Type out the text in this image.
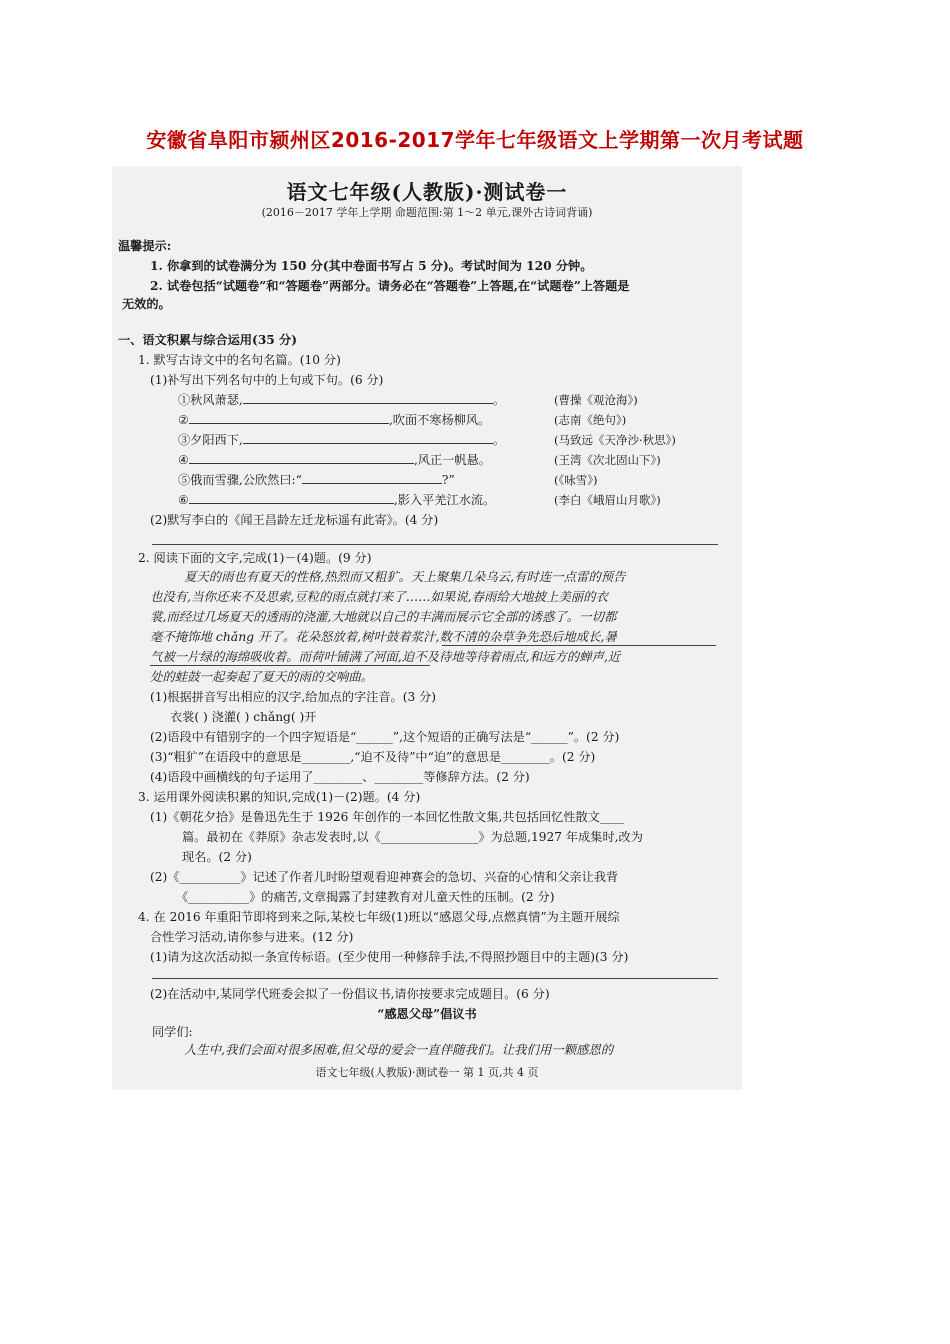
安徽省阜阳市颍州区2016-2017学年七年级语文上学期第一次月考试题
语文七年级(人教版)·测试卷一
(2016－2017 学年上学期 命题范围:第 1～2 单元,课外古诗词背诵)
温馨提示:
1. 你拿到的试卷满分为 150 分(其中卷面书写占 5 分)。考试时间为 120 分钟。
2. 试卷包括“试题卷”和“答题卷”两部分。请务必在“答题卷”上答题,在“试题卷”上答题是
无效的。
一、语文积累与综合运用(35 分)
1. 默写古诗文中的名句名篇。(10 分)
(1)补写出下列名句中的上句或下句。(6 分)
①秋风萧瑟,	。	(曹操《观沧海》)
②	,吹面不寒杨柳风。	(志南《绝句》)
③夕阳西下,	。	(马致远《天净沙·秋思》)
④	,风正一帆悬。	(王湾《次北固山下》)
⑤俄而雪骤,公欣然曰:“	?”	(《咏雪》)
⑥	,影入平羌江水流。	(李白《峨眉山月歌》)
(2)默写李白的《闻王昌龄左迁龙标遥有此寄》。(4 分)
2. 阅读下面的文字,完成(1)－(4)题。(9 分)
夏天的雨也有夏天的性格,热烈而又粗犷。天上聚集几朵乌云,有时连一点雷的预告
也没有,当你还来不及思索,豆粒的雨点就打来了……如果说,春雨给大地披上美丽的衣
裳,而经过几场夏天的透雨的浇灌,大地就以自己的丰满而展示它全部的诱惑了。一切都
毫不掩饰地 chǎng 开了。花朵怒放着,树叶鼓着浆汁,数不清的杂草争先恐后地成长,暑
气被一片绿的海绵吸收着。而荷叶铺满了河面,迫不及待地等待着雨点,和远方的蝉声,近
处的蛙鼓一起奏起了夏天的雨的交响曲。
(1)根据拼音写出相应的汉字,给加点的字注音。(3 分)
衣裳( ) 浇灌( ) chǎng( )开
(2)语段中有错别字的一个四字短语是“______”,这个短语的正确写法是“______”。(2 分)
(3)“粗犷”在语段中的意思是________,“迫不及待”中“迫”的意思是________。(2 分)
(4)语段中画横线的句子运用了________、________等修辞方法。(2 分)
3. 运用课外阅读积累的知识,完成(1)－(2)题。(4 分)
(1)《朝花夕拾》是鲁迅先生于 1926 年创作的一本回忆性散文集,共包括回忆性散文____
篇。最初在《莽原》杂志发表时,以《________________》为总题,1927 年成集时,改为
现名。(2 分)
(2)《__________》记述了作者儿时盼望观看迎神赛会的急切、兴奋的心情和父亲让我背
《__________》的痛苦,文章揭露了封建教育对儿童天性的压制。(2 分)
4. 在 2016 年重阳节即将到来之际,某校七年级(1)班以“感恩父母,点燃真情”为主题开展综
合性学习活动,请你参与进来。(12 分)
(1)请为这次活动拟一条宣传标语。(至少使用一种修辞手法,不得照抄题目中的主题)(3 分)
(2)在活动中,某同学代班委会拟了一份倡议书,请你按要求完成题目。(6 分)
“感恩父母”倡议书
同学们:
人生中,我们会面对很多困难,但父母的爱会一直伴随我们。让我们用一颗感恩的
语文七年级(人教版)·测试卷一 第 1 页,共 4 页
